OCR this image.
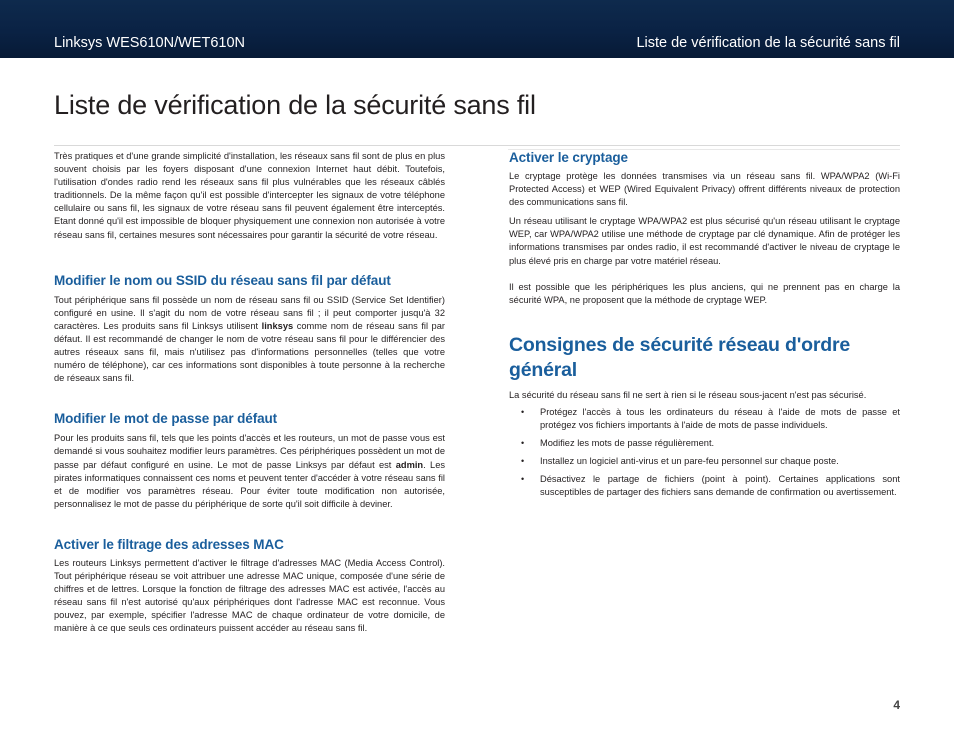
Linksys WES610N/WET610N	Liste de vérification de la sécurité sans fil
Liste de vérification de la sécurité sans fil

Très pratiques et d'une grande simplicité d'installation, les réseaux sans fil sont de plus en plus souvent choisis par les foyers disposant d'une connexion Internet haut débit. Toutefois, l'utilisation d'ondes radio rend les réseaux sans fil plus vulnérables que les réseaux câblés traditionnels. De la même façon qu'il est possible d'intercepter les signaux de votre téléphone cellulaire ou sans fil, les signaux de votre réseau sans fil peuvent également être interceptés. Etant donné qu'il est impossible de bloquer physiquement une connexion non autorisée à votre réseau sans fil, certaines mesures sont nécessaires pour garantir la sécurité de votre réseau.

Modifier le nom ou SSID du réseau sans fil par défaut

Tout périphérique sans fil possède un nom de réseau sans fil ou SSID (Service Set Identifier) configuré en usine. Il s'agit du nom de votre réseau sans fil ; il peut comporter jusqu'à 32 caractères. Les produits sans fil Linksys utilisent linksys comme nom de réseau sans fil par défaut. Il est recommandé de changer le nom de votre réseau sans fil pour le différencier des autres réseaux sans fil, mais n'utilisez pas d'informations personnelles (telles que votre numéro de téléphone), car ces informations sont disponibles à toute personne à la recherche de réseaux sans fil.

Modifier le mot de passe par défaut

Pour les produits sans fil, tels que les points d'accès et les routeurs, un mot de passe vous est demandé si vous souhaitez modifier leurs paramètres. Ces périphériques possèdent un mot de passe par défaut configuré en usine. Le mot de passe Linksys par défaut est admin. Les pirates informatiques connaissent ces noms et peuvent tenter d'accéder à votre réseau sans fil et de modifier vos paramètres réseau. Pour éviter toute modification non autorisée, personnalisez le mot de passe du périphérique de sorte qu'il soit difficile à deviner.

Activer le filtrage des adresses MAC

Les routeurs Linksys permettent d'activer le filtrage d'adresses MAC (Media Access Control). Tout périphérique réseau se voit attribuer une adresse MAC unique, composée d'une série de chiffres et de lettres. Lorsque la fonction de filtrage des adresses MAC est activée, l'accès au réseau sans fil n'est autorisé qu'aux périphériques dont l'adresse MAC est reconnue. Vous pouvez, par exemple, spécifier l'adresse MAC de chaque ordinateur de votre domicile, de manière à ce que seuls ces ordinateurs puissent accéder au réseau sans fil.

Activer le cryptage

Le cryptage protège les données transmises via un réseau sans fil. WPA/WPA2 (Wi-Fi Protected Access) et WEP (Wired Equivalent Privacy) offrent différents niveaux de protection des communications sans fil.

Un réseau utilisant le cryptage WPA/WPA2 est plus sécurisé qu'un réseau utilisant le cryptage WEP, car WPA/WPA2 utilise une méthode de cryptage par clé dynamique. Afin de protéger les informations transmises par ondes radio, il est recommandé d'activer le niveau de cryptage le plus élevé pris en charge par votre matériel réseau.

Il est possible que les périphériques les plus anciens, qui ne prennent pas en charge la sécurité WPA, ne proposent que la méthode de cryptage WEP.

Consignes de sécurité réseau d'ordre général

La sécurité du réseau sans fil ne sert à rien si le réseau sous-jacent n'est pas sécurisé.

• Protégez l'accès à tous les ordinateurs du réseau à l'aide de mots de passe et protégez vos fichiers importants à l'aide de mots de passe individuels.
• Modifiez les mots de passe régulièrement.
• Installez un logiciel anti-virus et un pare-feu personnel sur chaque poste.
• Désactivez le partage de fichiers (point à point). Certaines applications sont susceptibles de partager des fichiers sans demande de confirmation ou avertissement.
4
